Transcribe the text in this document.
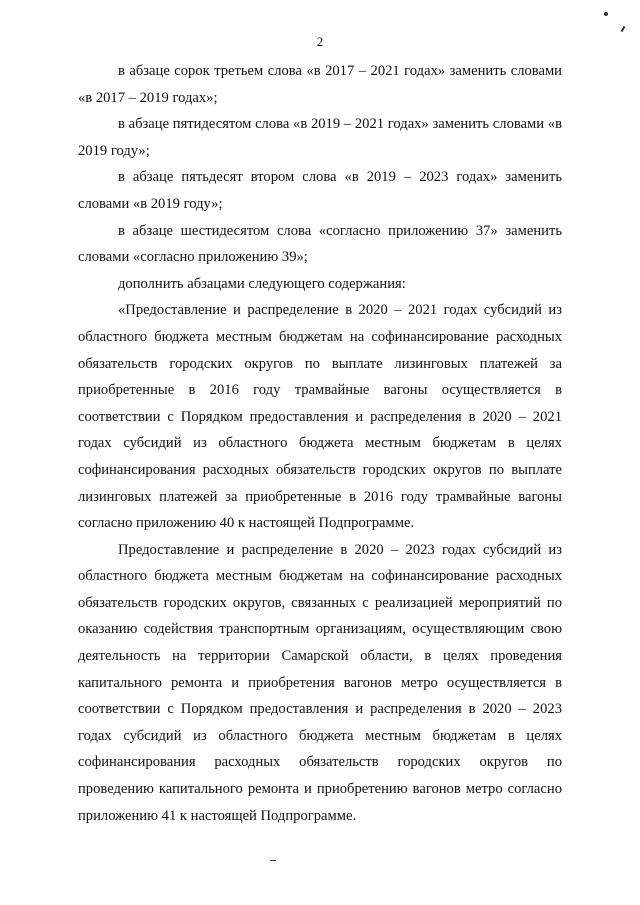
2

в абзаце сорок третьем слова «в 2017 – 2021 годах» заменить словами «в 2017 – 2019 годах»;

в абзаце пятидесятом слова «в 2019 – 2021 годах» заменить словами «в 2019 году»;

в абзаце пятьдесят втором слова «в 2019 – 2023 годах» заменить словами «в 2019 году»;

в абзаце шестидесятом слова «согласно приложению 37» заменить словами «согласно приложению 39»;

дополнить абзацами следующего содержания:

«Предоставление и распределение в 2020 – 2021 годах субсидий из областного бюджета местным бюджетам на софинансирование расходных обязательств городских округов по выплате лизинговых платежей за приобретенные в 2016 году трамвайные вагоны осуществляется в соответствии с Порядком предоставления и распределения в 2020 – 2021 годах субсидий из областного бюджета местным бюджетам в целях софинансирования расходных обязательств городских округов по выплате лизинговых платежей за приобретенные в 2016 году трамвайные вагоны согласно приложению 40 к настоящей Подпрограмме.

Предоставление и распределение в 2020 – 2023 годах субсидий из областного бюджета местным бюджетам на софинансирование расходных обязательств городских округов, связанных с реализацией мероприятий по оказанию содействия транспортным организациям, осуществляющим свою деятельность на территории Самарской области, в целях проведения капитального ремонта и приобретения вагонов метро осуществляется в соответствии с Порядком предоставления и распределения в 2020 – 2023 годах субсидий из областного бюджета местным бюджетам в целях софинансирования расходных обязательств городских округов по проведению капитального ремонта и приобретению вагонов метро согласно приложению 41 к настоящей Подпрограмме.
